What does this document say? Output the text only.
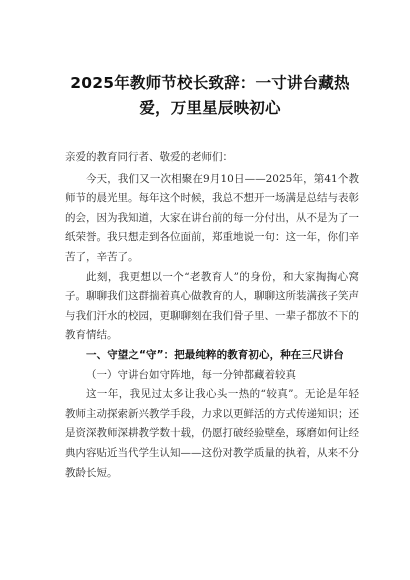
2025年教师节校长致辞：一寸讲台藏热爱，万里星辰映初心

亲爱的教育同行者、敬爱的老师们：

今天，我们又一次相聚在9月10日——2025年，第41个教师节的晨光里。每年这个时候，我总不想开一场满是总结与表彰的会，因为我知道，大家在讲台前的每一分付出，从不是为了一纸荣誉。我只想走到各位面前，郑重地说一句：这一年，你们辛苦了，辛苦了。

此刻，我更想以一个“老教育人”的身份，和大家掏掏心窝子。聊聊我们这群揣着真心做教育的人，聊聊这所装满孩子笑声与我们汗水的校园，更聊聊刻在我们骨子里、一辈子都放不下的教育情结。

一、守望之“守”：把最纯粹的教育初心，种在三尺讲台

（一）守讲台如守阵地，每一分钟都藏着较真

这一年，我见过太多让我心头一热的“较真”。无论是年轻教师主动探索新兴教学手段，力求以更鲜活的方式传递知识；还是资深教师深耕教学数十载，仍愿打破经验壁垒，琢磨如何让经典内容贴近当代学生认知——这份对教学质量的执着，从来不分教龄长短。
